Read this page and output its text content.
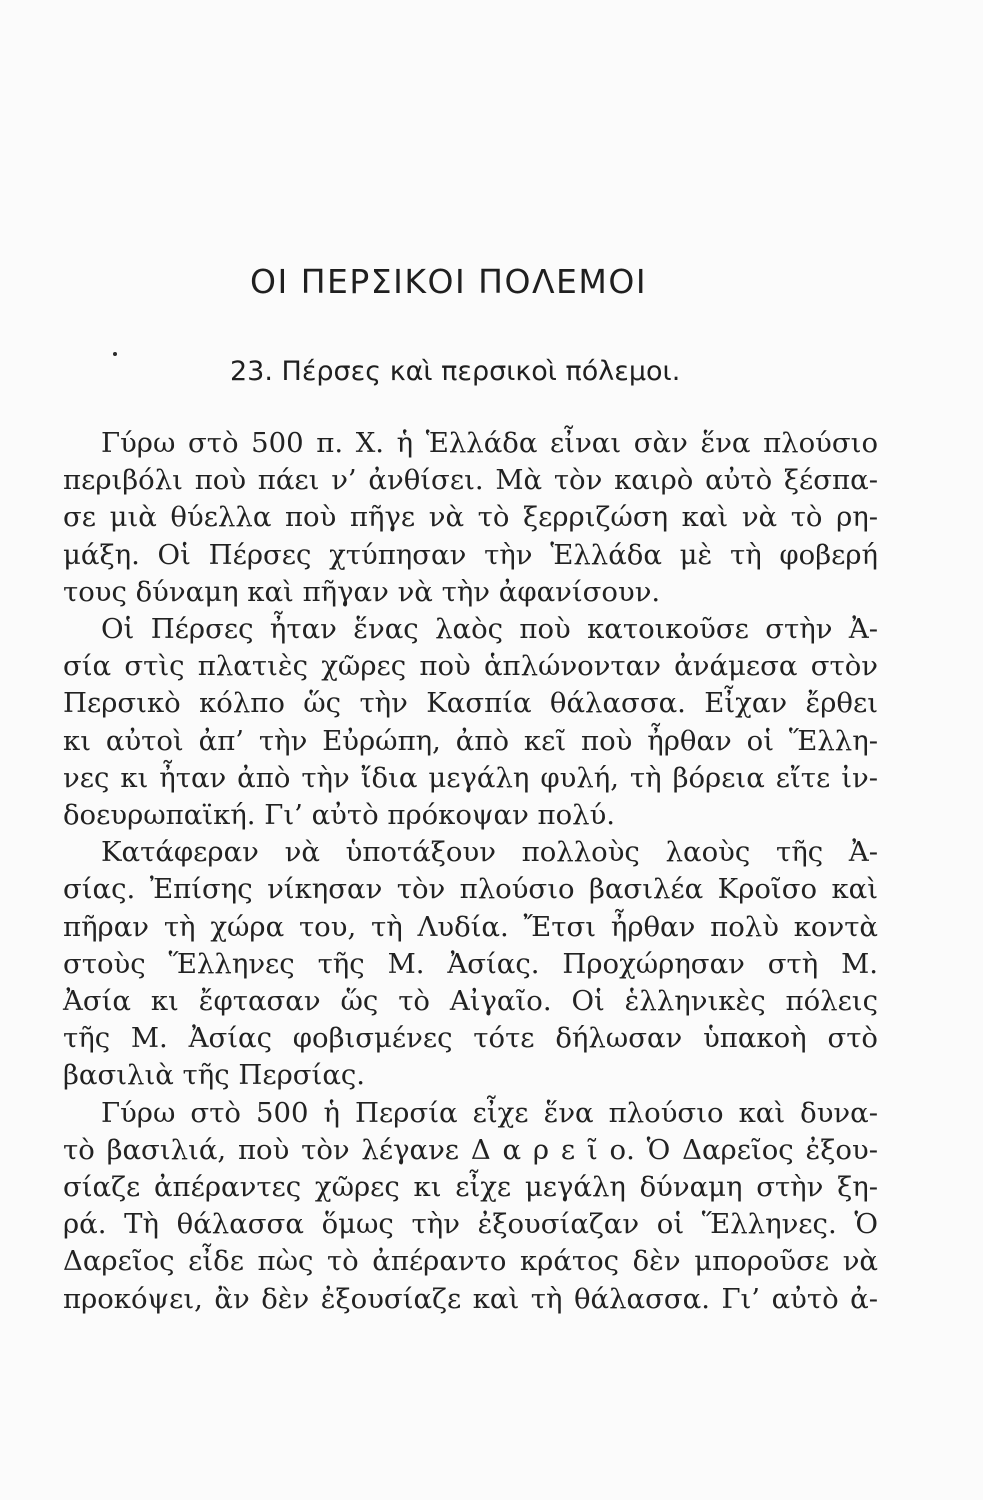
ΟΙ ΠΕΡΣΙΚΟΙ ΠΟΛΕΜΟΙ
23. Πέρσες καὶ περσικοὶ πόλεμοι.
Γύρω στὸ 500 π. Χ. ἡ Ἑλλάδα εἶναι σὰν ἕνα πλούσιο
περιβόλι ποὺ πάει ν’ ἀνθίσει. Μὰ τὸν καιρὸ αὐτὸ ξέσπα-
σε μιὰ θύελλα ποὺ πῆγε νὰ τὸ ξερριζώση καὶ νὰ τὸ ρη-
μάξη. Οἱ Πέρσες χτύπησαν τὴν Ἑλλάδα μὲ τὴ φοβερή
τους δύναμη καὶ πῆγαν νὰ τὴν ἀφανίσουν.
Οἱ Πέρσες ἦταν ἕνας λαὸς ποὺ κατοικοῦσε στὴν Ἀ-
σία στὶς πλατιὲς χῶρες ποὺ ἁπλώνονταν ἀνάμεσα στὸν
Περσικὸ κόλπο ὥς τὴν Κασπία θάλασσα. Εἶχαν ἔρθει
κι αὐτοὶ ἀπ’ τὴν Εὐρώπη, ἀπὸ κεῖ ποὺ ἦρθαν οἱ Ἕλλη-
νες κι ἦταν ἀπὸ τὴν ἴδια μεγάλη φυλή, τὴ βόρεια εἴτε ἰν-
δοευρωπαϊκή. Γι’ αὐτὸ πρόκοψαν πολύ.
Κατάφεραν νὰ ὑποτάξουν πολλοὺς λαοὺς τῆς Ἀ-
σίας. Ἐπίσης νίκησαν τὸν πλούσιο βασιλέα Κροῖσο καὶ
πῆραν τὴ χώρα του, τὴ Λυδία. Ἔτσι ἦρθαν πολὺ κοντὰ
στοὺς Ἕλληνες τῆς Μ. Ἀσίας. Προχώρησαν στὴ Μ.
Ἀσία κι ἔφτασαν ὥς τὸ Αἰγαῖο. Οἱ ἑλληνικὲς πόλεις
τῆς Μ. Ἀσίας φοβισμένες τότε δήλωσαν ὑπακοὴ στὸ
βασιλιὰ τῆς Περσίας.
Γύρω στὸ 500 ἡ Περσία εἶχε ἕνα πλούσιο καὶ δυνα-
τὸ βασιλιά, ποὺ τὸν λέγανε Δ α ρ ε ῖ ο. Ὁ Δαρεῖος ἐξου-
σίαζε ἀπέραντες χῶρες κι εἶχε μεγάλη δύναμη στὴν ξη-
ρά. Τὴ θάλασσα ὅμως τὴν ἐξουσίαζαν οἱ Ἕλληνες. Ὁ
Δαρεῖος εἶδε πὼς τὸ ἀπέραντο κράτος δὲν μποροῦσε νὰ
προκόψει, ἂν δὲν ἐξουσίαζε καὶ τὴ θάλασσα. Γι’ αὐτὸ ἀ-
